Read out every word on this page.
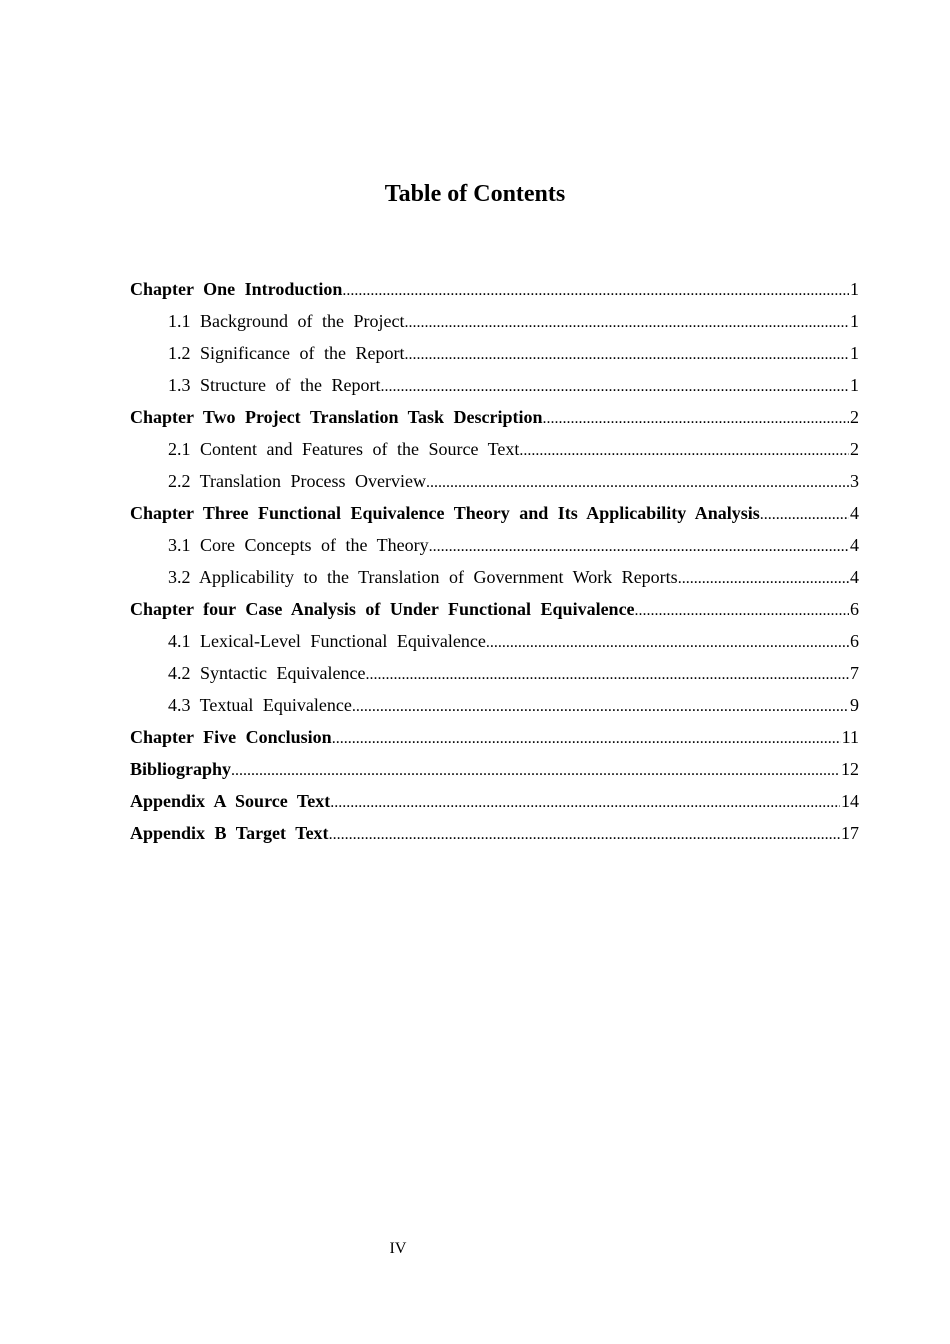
Table of Contents
Chapter One Introduction .....	1
1.1 Background of the Project .....	1
1.2 Significance of the Report .....	1
1.3 Structure of the Report .....	1
Chapter Two Project Translation Task Description .....	2
2.1 Content and Features of the Source Text .....	2
2.2 Translation Process Overview .....	3
Chapter Three Functional Equivalence Theory and Its Applicability Analysis .....	4
3.1 Core Concepts of the Theory .....	4
3.2 Applicability to the Translation of Government Work Reports .....	4
Chapter four Case Analysis of Under Functional Equivalence .....	6
4.1 Lexical-Level Functional Equivalence .....	6
4.2 Syntactic Equivalence .....	7
4.3 Textual Equivalence .....	9
Chapter Five Conclusion .....	11
Bibliography .....	12
Appendix A Source Text .....	14
Appendix B Target Text .....	17
IV
